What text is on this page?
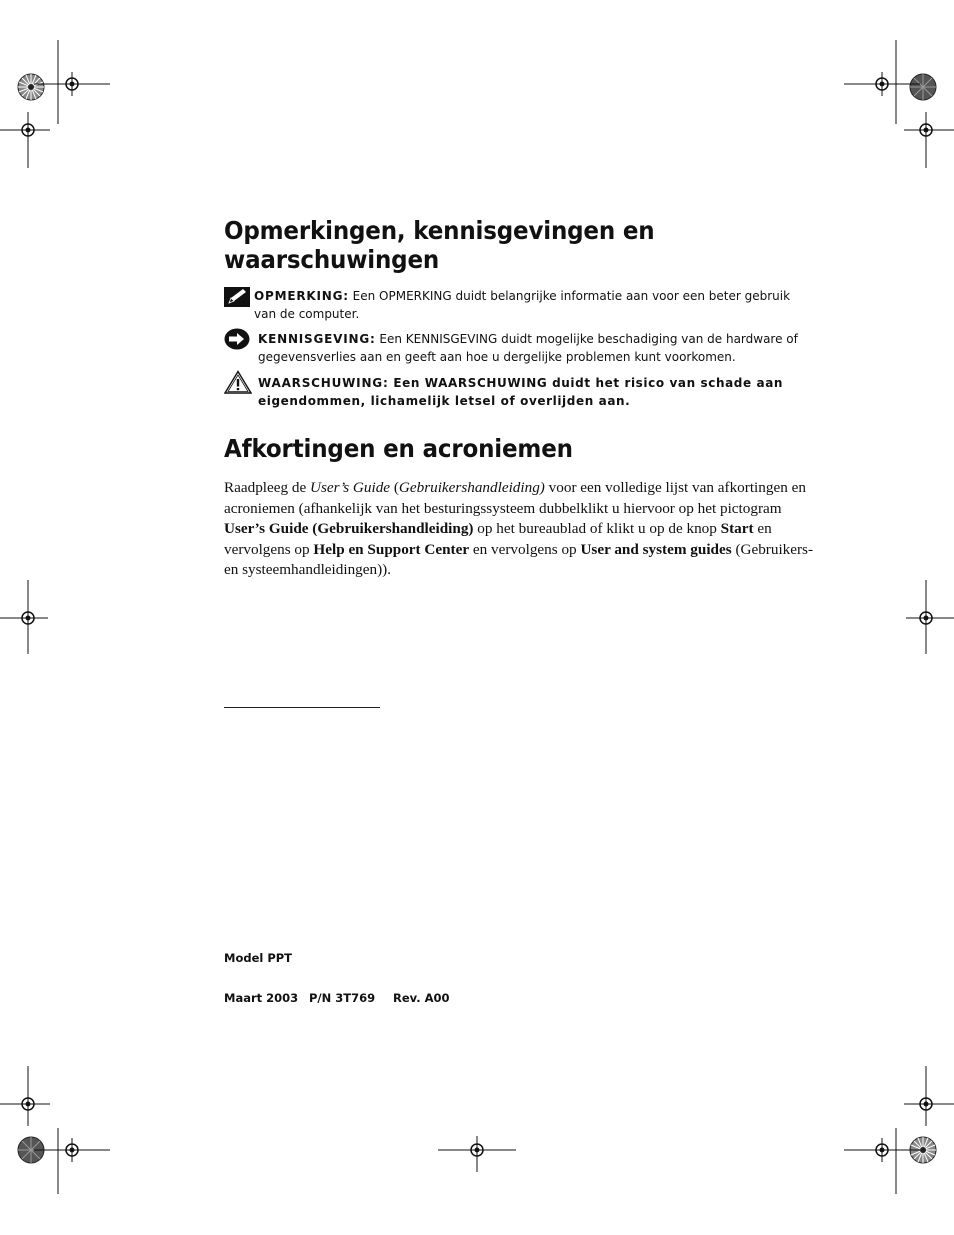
Opmerkingen, kennisgevingen en
waarschuwingen
OPMERKING: Een OPMERKING duidt belangrijke informatie aan voor een beter gebruik van de computer.
KENNISGEVING: Een KENNISGEVING duidt mogelijke beschadiging van de hardware of gegevensverlies aan en geeft aan hoe u dergelijke problemen kunt voorkomen.
WAARSCHUWING: Een WAARSCHUWING duidt het risico van schade aan eigendommen, lichamelijk letsel of overlijden aan.
Afkortingen en acroniemen
Raadpleeg de User’s Guide (Gebruikershandleiding) voor een volledige lijst van afkortingen en acroniemen (afhankelijk van het besturingssysteem dubbelklikt u hiervoor op het pictogram User’s Guide (Gebruikershandleiding) op het bureaublad of klikt u op de knop Start en vervolgens op Help en Support Center en vervolgens op User and system guides (Gebruikers- en systeemhandleidingen)).
Model PPT
Maart 2003 P/N 3T769 Rev. A00
